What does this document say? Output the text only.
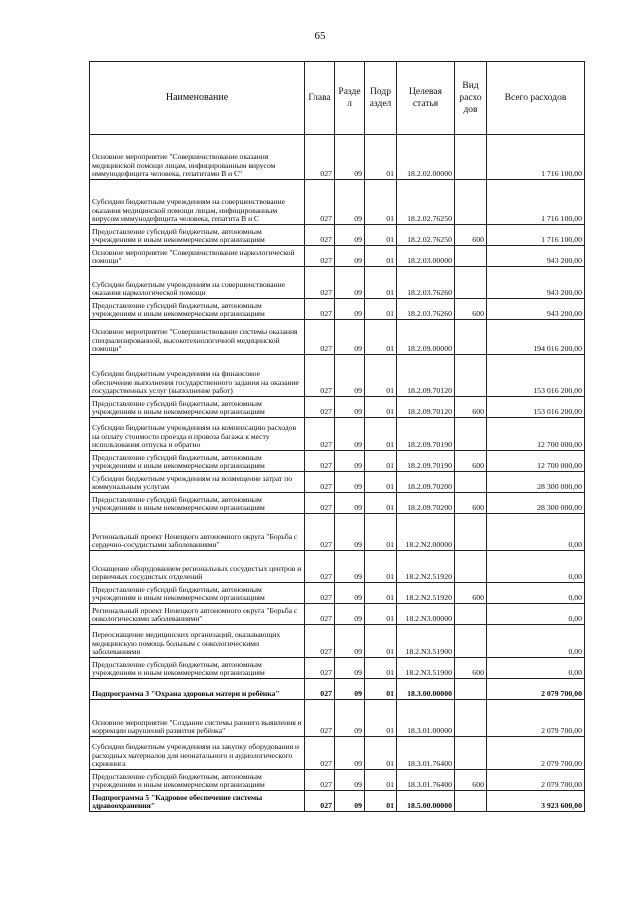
65
Наименование	Глава	Разде л	Подр аздел	Целевая статья	Вид расхо дов	Всего расходов
Основное мероприятие "Совершенствование оказания медицинской помощи лицам, инфицированным вирусом иммунодефицита человека, гепатитами В и С"	027	09	01	18.2.02.00000		1 716 100,00
Субсидии бюджетным учреждениям на совершенствование оказания медицинской помощи лицам, инфицированным вирусом иммунодефицита человека, гепатита В и С	027	09	01	18.2.02.76250		1 716 100,00
Предоставление субсидий бюджетным, автономным учреждениям и иным некоммерческим организациям	027	09	01	18.2.02.76250	600	1 716 100,00
Основное мероприятие "Совершенствование наркологической помощи"	027	09	01	18.2.03.00000		943 200,00
Субсидии бюджетным учреждениям на совершенствование оказания наркологической помощи	027	09	01	18.2.03.76260		943 200,00
Предоставление субсидий бюджетным, автономным учреждениям и иным некоммерческим организациям	027	09	01	18.2.03.76260	600	943 200,00
Основное мероприятие "Совершенствование системы оказания специализированной, высокотехнологичной медицинской помощи"	027	09	01	18.2.09.00000		194 016 200,00
Субсидии бюджетным учреждениям на финансовое обеспечение выполнения государственного задания на оказание государственных услуг (выполнение работ)	027	09	01	18.2.09.70120		153 016 200,00
Предоставление субсидий бюджетным, автономным учреждениям и иным некоммерческим организациям	027	09	01	18.2.09.70120	600	153 016 200,00
Субсидии бюджетным учреждениям на компенсацию расходов на оплату стоимости проезда и провоза багажа к месту использования отпуска и обратно	027	09	01	18.2.09.70190		12 700 000,00
Предоставление субсидий бюджетным, автономным учреждениям и иным некоммерческим организациям	027	09	01	18.2.09.70190	600	12 700 000,00
Субсидии бюджетным учреждениям на возмещение затрат по коммунальным услугам	027	09	01	18.2.09.70200		28 300 000,00
Предоставление субсидий бюджетным, автономным учреждениям и иным некоммерческим организациям	027	09	01	18.2.09.70200	600	28 300 000,00
Региональный проект Ненецкого автономного округа "Борьба с сердечно-сосудистыми заболеваниями"	027	09	01	18.2.N2.00000		0,00
Оснащение оборудованием региональных сосудистых центров и первичных сосудистых отделений	027	09	01	18.2.N2.51920		0,00
Предоставление субсидий бюджетным, автономным учреждениям и иным некоммерческим организациям	027	09	01	18.2.N2.51920	600	0,00
Региональный проект Ненецкого автономного округа "Борьба с онкологическими заболеваниями"	027	09	01	18.2.N3.00000		0,00
Переоснащение медицинских организаций, оказывающих медицинскую помощь больным с онкологическими заболеваниями	027	09	01	18.2.N3.51900		0,00
Предоставление субсидий бюджетным, автономным учреждениям и иным некоммерческим организациям	027	09	01	18.2.N3.51900	600	0,00
Подпрограмма 3 "Охрана здоровья матери и ребёнка"	027	09	01	18.3.00.00000		2 079 700,00
Основное мероприятие "Создание системы раннего выявления и коррекции нарушений развития ребёнка"	027	09	01	18.3.01.00000		2 079 700,00
Субсидии бюджетным учреждениям на закупку оборудования и расходных материалов для неонатального и аудиологического скрининга	027	09	01	18.3.01.76400		2 079 700,00
Предоставление субсидий бюджетным, автономным учреждениям и иным некоммерческим организациям	027	09	01	18.3.01.76400	600	2 079 700,00
Подпрограмма 5 "Кадровое обеспечение системы здравоохранения"	027	09	01	18.5.00.00000		3 923 600,00
